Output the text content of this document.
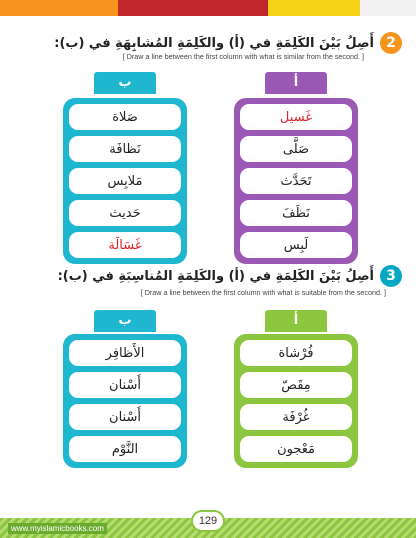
2
أَصِلُ بَيْنَ الكَلِمَةِ في (أ) والكَلِمَةِ المُشابِهَةِ في (ب):
[ Draw a line between the first column with what is similar from the second. ]
ب
صَلاة
نَظافَة
مَلابِس
حَديث
غَسَالَة
أ
غَسيل
صَلَّى
تَحَدَّث
نَظَفَ
لَبِس
3
أَصِلُ بَيْنَ الكَلِمَةِ في (أ) والكَلِمَةِ المُناسِبَةِ في (ب):
[ Draw a line between the first column with what is suitable from the second. ]
ب
الأَظافِر
أَسْنان
أَسْنان
النَّوْم
أ
فُرْشاة
مِقَصّ
غُرْفَة
مَعْجون
www.myislamicbooks.com
129
